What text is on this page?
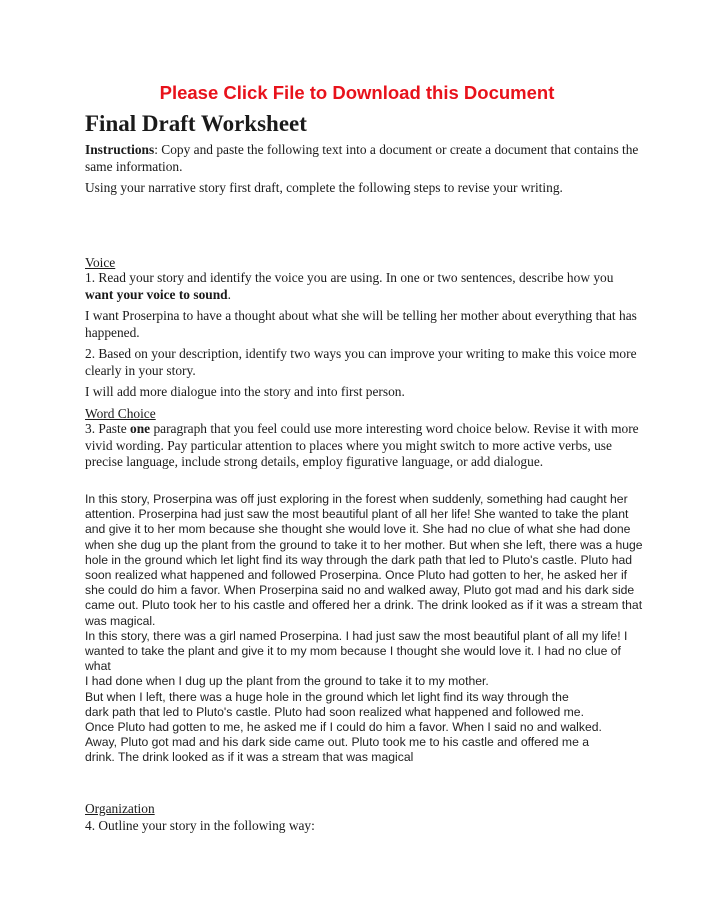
Please Click File to Download this Document
Final Draft Worksheet
Instructions: Copy and paste the following text into a document or create a document that contains the same information.
Using your narrative story first draft, complete the following steps to revise your writing.
Voice
1. Read your story and identify the voice you are using. In one or two sentences, describe how you want your voice to sound.
I want Proserpina to have a thought about what she will be telling her mother about everything that has happened.
2. Based on your description, identify two ways you can improve your writing to make this voice more clearly in your story.
I will add more dialogue into the story and into first person.
Word Choice
3. Paste one paragraph that you feel could use more interesting word choice below. Revise it with more vivid wording. Pay particular attention to places where you might switch to more active verbs, use precise language, include strong details, employ figurative language, or add dialogue.

In this story, Proserpina was off just exploring in the forest when suddenly, something had caught her attention. Proserpina had just saw the most beautiful plant of all her life! She wanted to take the plant and give it to her mom because she thought she would love it. She had no clue of what she had done when she dug up the plant from the ground to take it to her mother. But when she left, there was a huge hole in the ground which let light find its way through the dark path that led to Pluto's castle. Pluto had soon realized what happened and followed Proserpina. Once Pluto had gotten to her, he asked her if she could do him a favor. When Proserpina said no and walked away, Pluto got mad and his dark side came out. Pluto took her to his castle and offered her a drink. The drink looked as if it was a stream that was magical.

In this story, there was a girl named Proserpina. I had just saw the most beautiful plant of all my life! I wanted to take the plant and give it to my mom because I thought she would love it. I had no clue of what

I had done when I dug up the plant from the ground to take it to my mother.

But when I left, there was a huge hole in the ground which let light find its way through the

dark path that led to Pluto's castle. Pluto had soon realized what happened and followed me.

Once Pluto had gotten to me, he asked me if I could do him a favor. When I said no and walked.

Away, Pluto got mad and his dark side came out. Pluto took me to his castle and offered me a

drink. The drink looked as if it was a stream that was magical

Organization
4. Outline your story in the following way:
